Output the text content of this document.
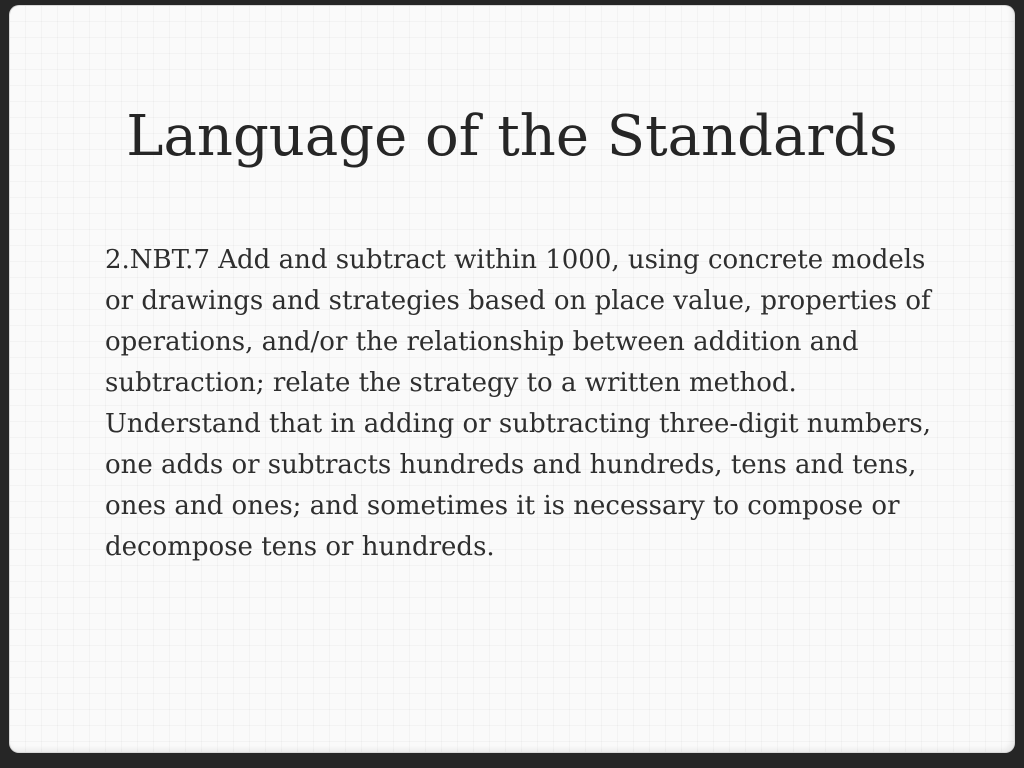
Language of the Standards

2.NBT.7 Add and subtract within 1000, using concrete models or drawings and strategies based on place value, properties of operations, and/or the relationship between addition and subtraction; relate the strategy to a written method. Understand that in adding or subtracting three-digit numbers, one adds or subtracts hundreds and hundreds, tens and tens, ones and ones; and sometimes it is necessary to compose or decompose tens or hundreds.
